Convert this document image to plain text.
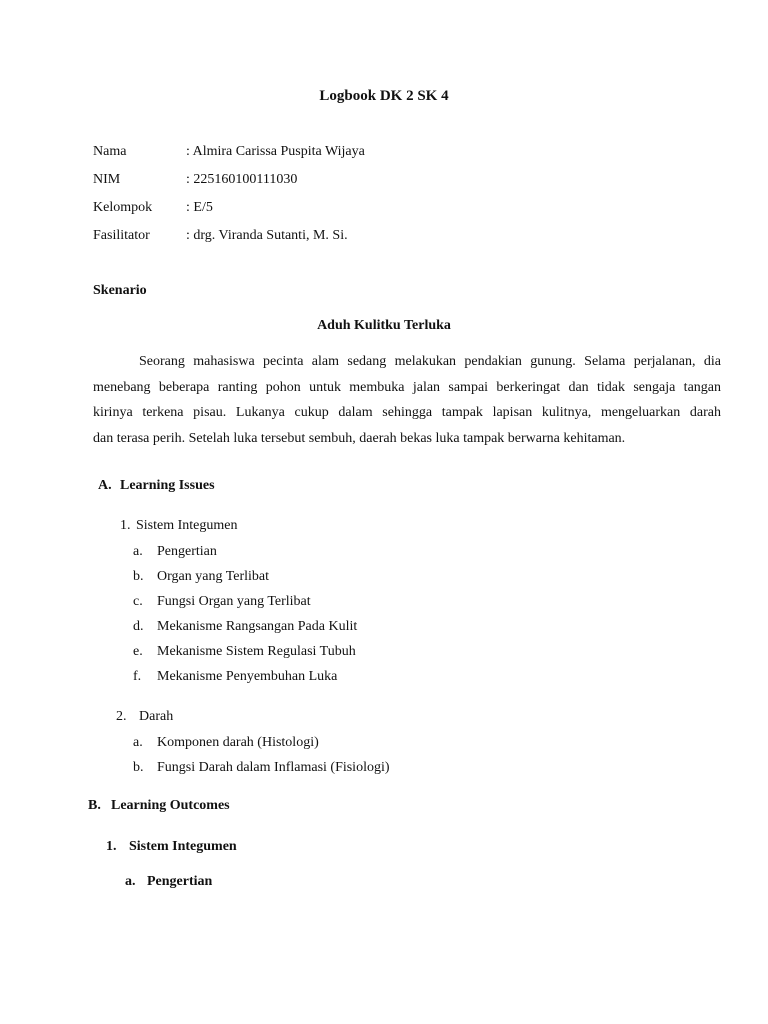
Logbook DK 2 SK 4
Nama	: Almira Carissa Puspita Wijaya
NIM	: 225160100111030
Kelompok : E/5
Fasilitator	: drg. Viranda Sutanti, M. Si.
Skenario
Aduh Kulitku Terluka
Seorang mahasiswa pecinta alam sedang melakukan pendakian gunung. Selama perjalanan, dia
menebang beberapa ranting pohon untuk membuka jalan sampai berkeringat dan tidak sengaja tangan
kirinya terkena pisau. Lukanya cukup dalam sehingga tampak lapisan kulitnya, mengeluarkan darah
dan terasa perih. Setelah luka tersebut sembuh, daerah bekas luka tampak berwarna kehitaman.
A. Learning Issues
1. Sistem Integumen
a. Pengertian
b. Organ yang Terlibat
c. Fungsi Organ yang Terlibat
d. Mekanisme Rangsangan Pada Kulit
e. Mekanisme Sistem Regulasi Tubuh
f. Mekanisme Penyembuhan Luka
2. Darah
a. Komponen darah (Histologi)
b. Fungsi Darah dalam Inflamasi (Fisiologi)
B. Learning Outcomes
1. Sistem Integumen
a. Pengertian
